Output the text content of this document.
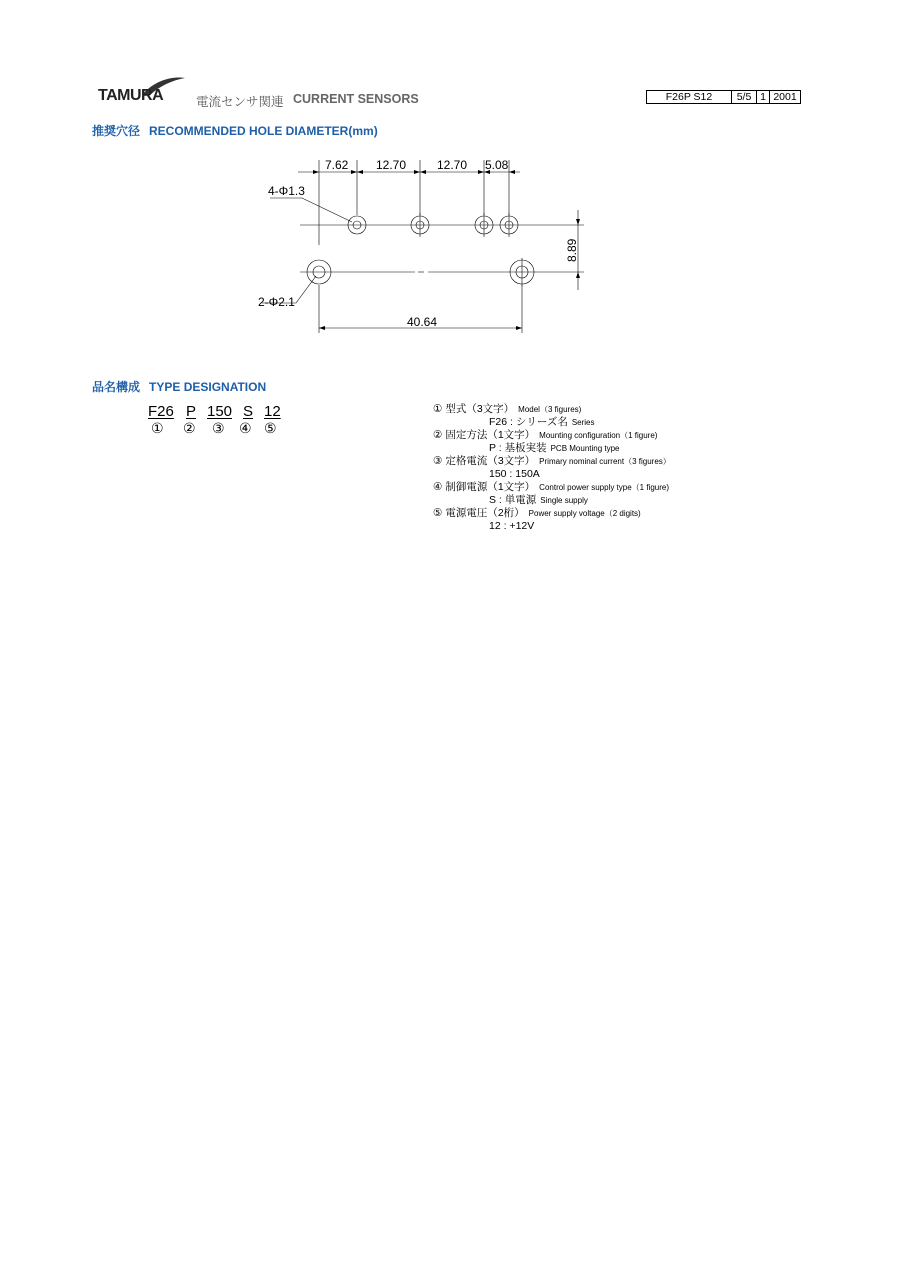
TAMURA	電流センサ関連 CURRENT SENSORS	F26P S12	5/5	1	2001
推奨穴径 RECOMMENDED HOLE DIAMETER(mm)
7.62 12.70	12.70 5.08
40.64
4-Φ1.3
2-Φ2.1
8.89
品名構成 TYPE DESIGNATION
F26 P 150 S 12
① ② ③ ④ ⑤
① 型式（3文字） Model（3 figures)
F26 : シリーズ名 Series
② 固定方法（1文字） Mounting configuration（1 figure)
P : 基板実装 PCB Mounting type
③ 定格電流（3文字） Primary nominal current（3 figures）
150 : 150A
④ 制御電源（1文字） Control power supply type（1 figure)
S : 単電源 Single supply
⑤ 電源電圧（2桁） Power supply voltage（2 digits)
12 : +12V
